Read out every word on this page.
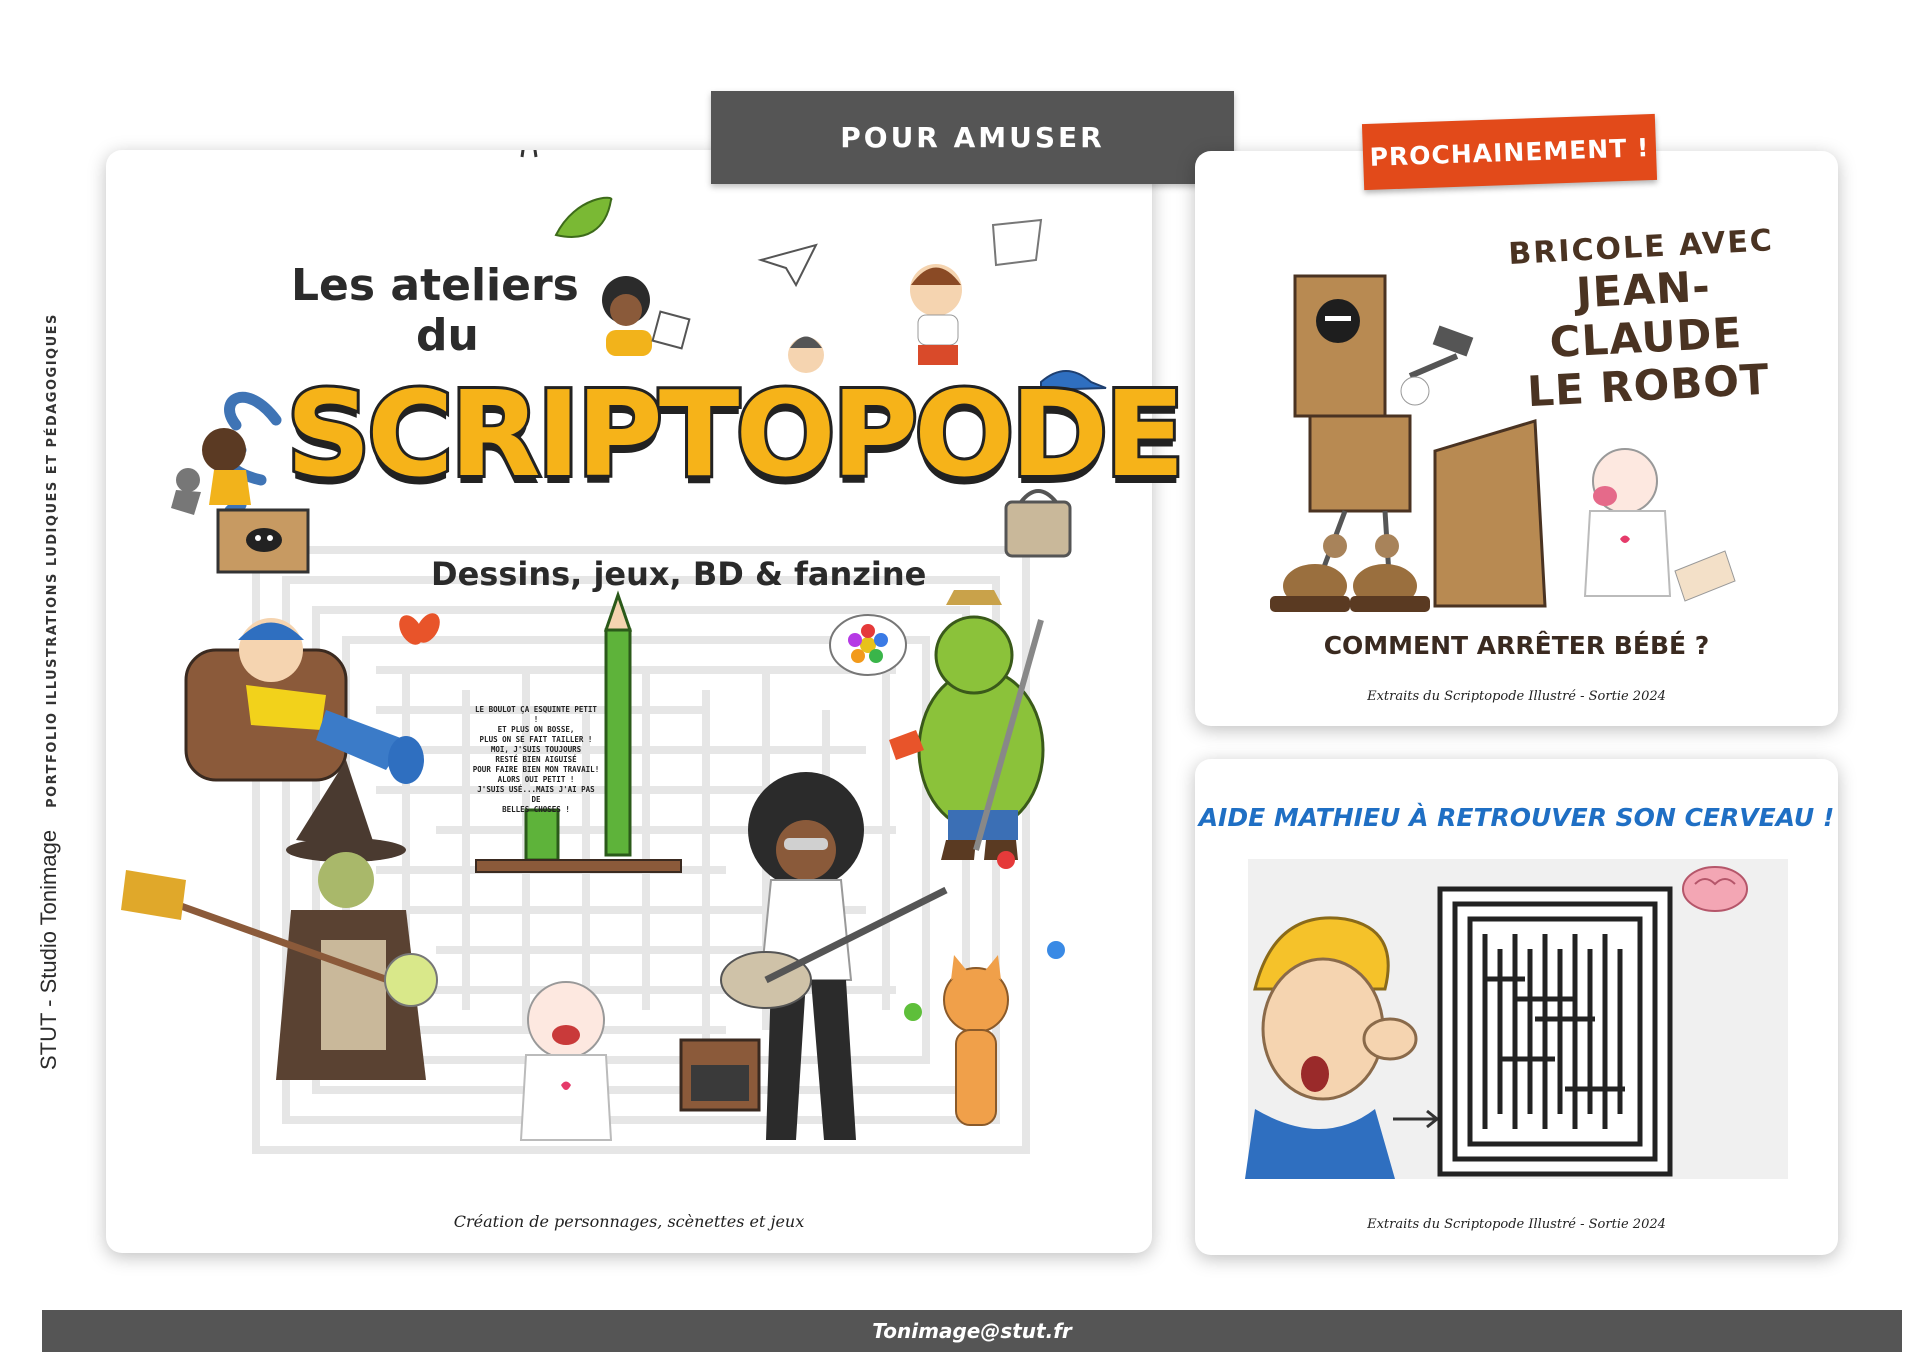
STUT - Studio Tonimage
PORTFOLIO ILLUSTRATIONS LUDIQUES ET PÉDAGOGIQUES
Les ateliers
du
SCRIPTOPODE
Dessins, jeux, BD & fanzine
LE BOULOT ÇA ESQUINTE PETIT !
ET PLUS ON BOSSE,
PLUS ON SE FAIT TAILLER !
MOI, J'SUIS TOUJOURS
RESTÉ BIEN AIGUISÉ
POUR FAIRE BIEN MON TRAVAIL!
ALORS OUI PETIT !
J'SUIS USÉ...MAIS J'AI PAS DE
BELLES CHOSES !
Création de personnages, scènettes et jeux
POUR AMUSER
BRICOLE AVEC
JEAN-CLAUDE
LE ROBOT
COMMENT ARRÊTER BÉBÉ ?
Extraits du Scriptopode Illustré - Sortie 2024
PROCHAINEMENT !
AIDE MATHIEU À RETROUVER SON CERVEAU !
Extraits du Scriptopode Illustré - Sortie 2024
Tonimage@stut.fr
